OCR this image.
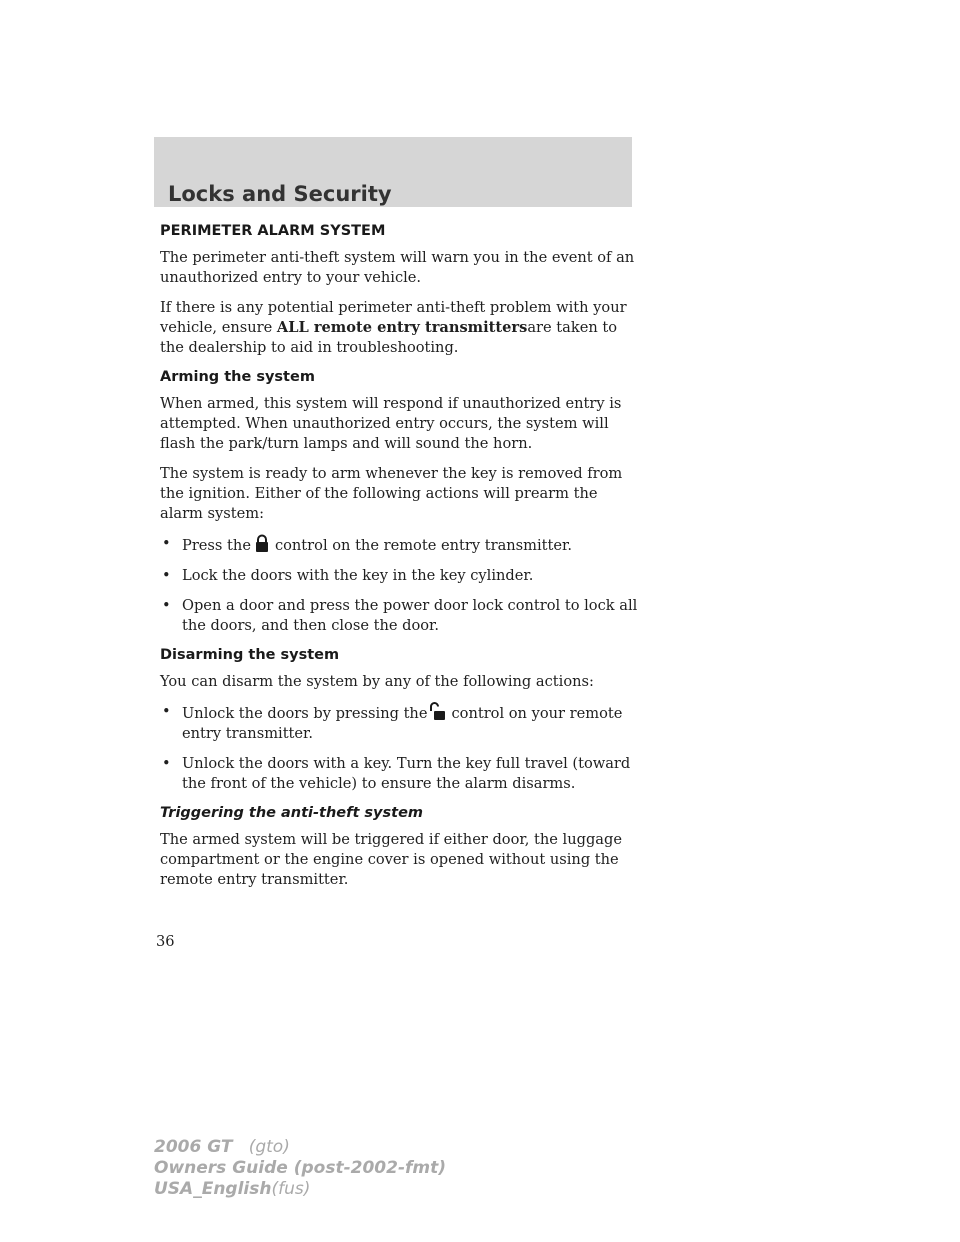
Locks and Security
PERIMETER ALARM SYSTEM

The perimeter anti-theft system will warn you in the event of an unauthorized entry to your vehicle.

If there is any potential perimeter anti-theft problem with your vehicle, ensure ALL remote entry transmittersare taken to the dealership to aid in troubleshooting.

Arming the system

When armed, this system will respond if unauthorized entry is attempted. When unauthorized entry occurs, the system will flash the park/turn lamps and will sound the horn.

The system is ready to arm whenever the key is removed from the ignition. Either of the following actions will prearm the alarm system:

• Press the control on the remote entry transmitter.
• Lock the doors with the key in the key cylinder.
• Open a door and press the power door lock control to lock all the doors, and then close the door.
Disarming the system

You can disarm the system by any of the following actions:

• Unlock the doors by pressing the control on your remote entry transmitter.
• Unlock the doors with a key. Turn the key full travel (toward the front of the vehicle) to ensure the alarm disarms.
Triggering the anti-theft system

The armed system will be triggered if either door, the luggage compartment or the engine cover is opened without using the remote entry transmitter.

36
2006 GT (gto)
Owners Guide (post-2002-fmt)
USA_English(fus)
